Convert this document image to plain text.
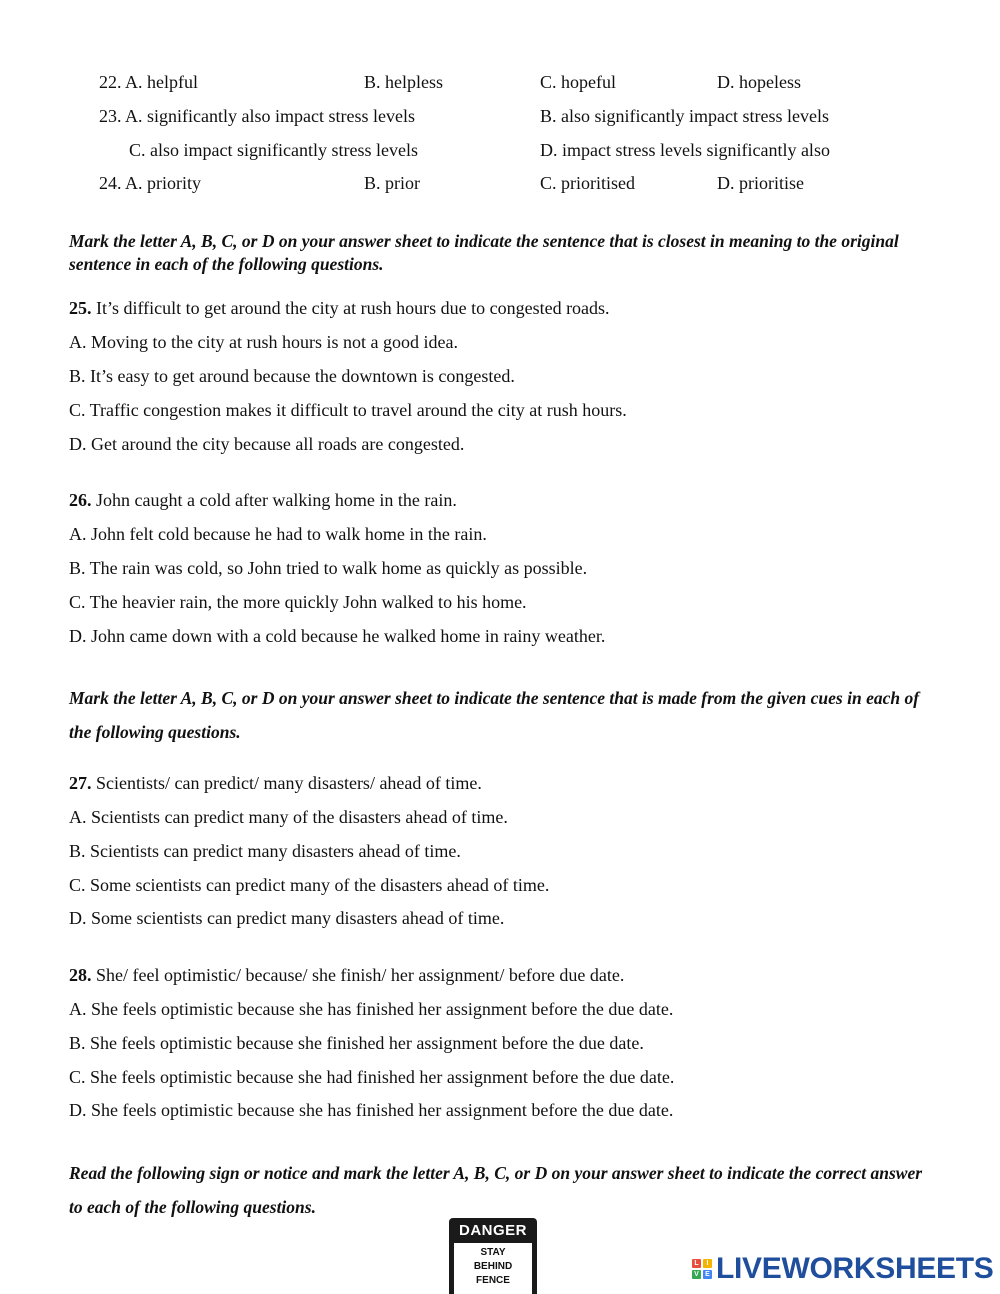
22. A. helpful	B. helpless	C. hopeful	D. hopeless
23. A. significantly also impact stress levels	B. also significantly impact stress levels
C. also impact significantly stress levels	D. impact stress levels significantly also
24. A. priority	B. prior	C. prioritised	D. prioritise
Mark the letter A, B, C, or D on your answer sheet to indicate the sentence that is closest in meaning to the original sentence in each of the following questions.
25. It’s difficult to get around the city at rush hours due to congested roads.
A. Moving to the city at rush hours is not a good idea.
B. It’s easy to get around because the downtown is congested.
C. Traffic congestion makes it difficult to travel around the city at rush hours.
D. Get around the city because all roads are congested.
26. John caught a cold after walking home in the rain.
A. John felt cold because he had to walk home in the rain.
B. The rain was cold, so John tried to walk home as quickly as possible.
C. The heavier rain, the more quickly John walked to his home.
D. John came down with a cold because he walked home in rainy weather.
Mark the letter A, B, C, or D on your answer sheet to indicate the sentence that is made from the given cues in each of the following questions.
27. Scientists/ can predict/ many disasters/ ahead of time.
A. Scientists can predict many of the disasters ahead of time.
B. Scientists can predict many disasters ahead of time.
C. Some scientists can predict many of the disasters ahead of time.
D. Some scientists can predict many disasters ahead of time.
28. She/ feel optimistic/ because/ she finish/ her assignment/ before due date.
A. She feels optimistic because she has finished her assignment before the due date.
B. She feels optimistic because she finished her assignment before the due date.
C. She feels optimistic because she had finished her assignment before the due date.
D. She feels optimistic because she has finished her assignment before the due date.
Read the following sign or notice and mark the letter A, B, C, or D on your answer sheet to indicate the correct answer to each of the following questions.
DANGER
STAY
BEHIND
FENCE
L	I
V E LIVEWORKSHEETS
